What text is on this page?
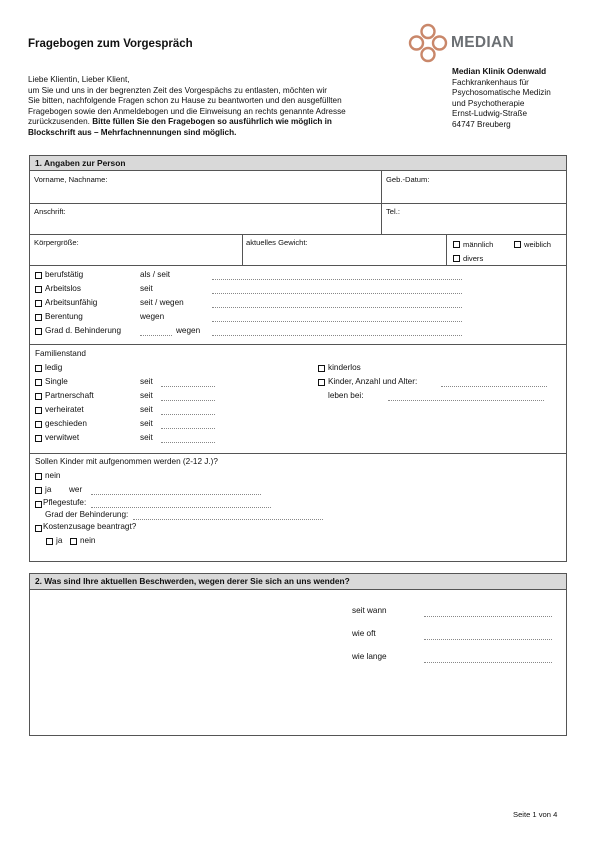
Fragebogen zum Vorgespräch	MEDIAN
Median Klinik Odenwald
Fachkrankenhaus für
Psychosomatische Medizin
und Psychotherapie
Ernst-Ludwig-Straße
64747 Breuberg
Liebe Klientin, Lieber Klient,
um Sie und uns in der begrenzten Zeit des Vorgespächs zu entlasten, möchten wir
Sie bitten, nachfolgende Fragen schon zu Hause zu beantworten und den ausgefüllten
Fragebogen sowie den Anmeldebogen und die Einweisung an rechts genannte Adresse
zurückzusenden. Bitte füllen Sie den Fragebogen so ausführlich wie möglich in
Blockschrift aus – Mehrfachnennungen sind möglich.
1. Angaben zur Person
Vorname, Nachname:	Geb.-Datum:
Anschrift:	Tel.:
Körpergröße:	aktuelles Gewicht:	männlich	weiblich
divers
berufstätig	als / seit
Arbeitslos	seit
Arbeitsunfähig	seit / wegen
Berentung	wegen
Grad d. Behinderung	wegen
Familienstand
ledig
Single	seit
Partnerschaft	seit
verheiratet	seit
geschieden	seit
verwitwet	seit
kinderlos
Kinder, Anzahl und Alter:
leben bei:
Sollen Kinder mit aufgenommen werden (2-12 J.)?
nein
ja wer
Pflegestufe:
Grad der Behinderung:
Kostenzusage beantragt?
ja nein
2. Was sind Ihre aktuellen Beschwerden, wegen derer Sie sich an uns wenden?
seit wann
wie oft
wie lange
Seite 1 von 4
